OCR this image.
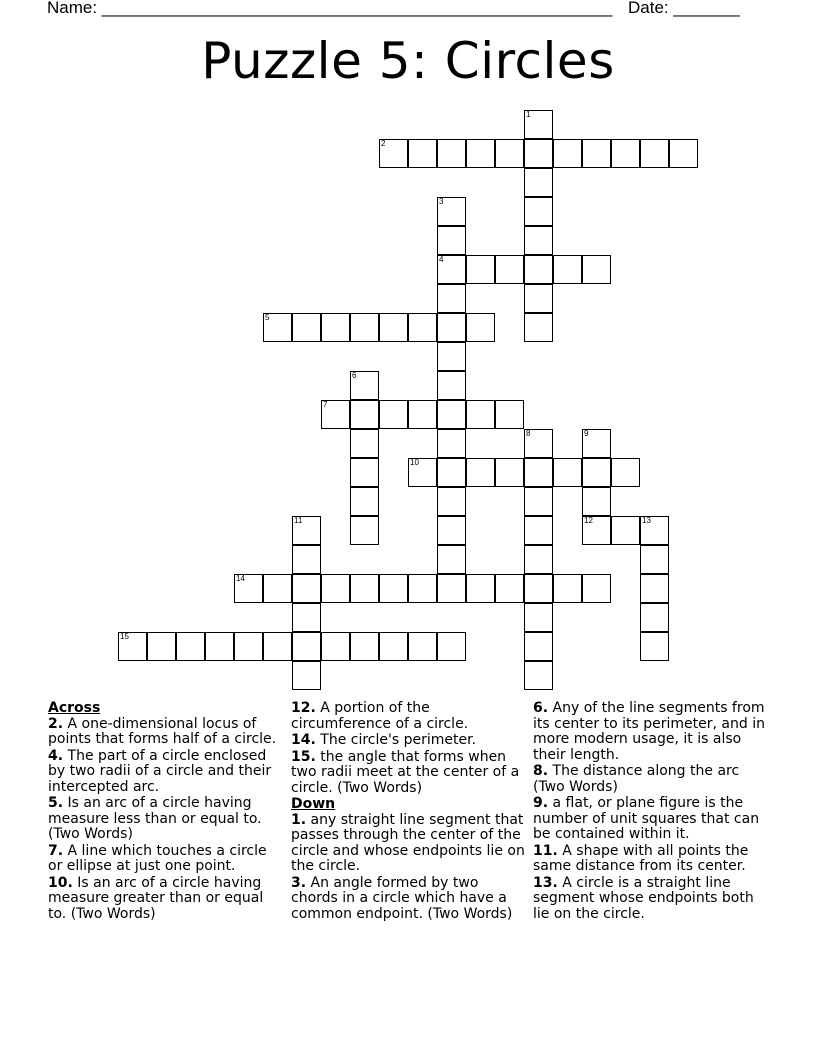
Name: ______________________________________________________ Date: _______
Puzzle 5: Circles
1
2
3
4
5
6
7
8	9
12
10
11	13
14
15
Across
2. A one-dimensional locus of points that forms half of a circle.
4. The part of a circle enclosed by two radii of a circle and their intercepted arc.
5. Is an arc of a circle having measure less than or equal to. (Two Words)
7. A line which touches a circle or ellipse at just one point.
10. Is an arc of a circle having measure greater than or equal to. (Two Words)
12. A portion of the circumference of a circle.
14. The circle's perimeter.
15. the angle that forms when two radii meet at the center of a circle. (Two Words)
Down
1. any straight line segment that passes through the center of the circle and whose endpoints lie on the circle.
3. An angle formed by two chords in a circle which have a common endpoint. (Two Words)
6. Any of the line segments from its center to its perimeter, and in more modern usage, it is also their length.
8. The distance along the arc (Two Words)
9. a flat, or plane figure is the number of unit squares that can be contained within it.
11. A shape with all points the same distance from its center.
13. A circle is a straight line segment whose endpoints both lie on the circle.
